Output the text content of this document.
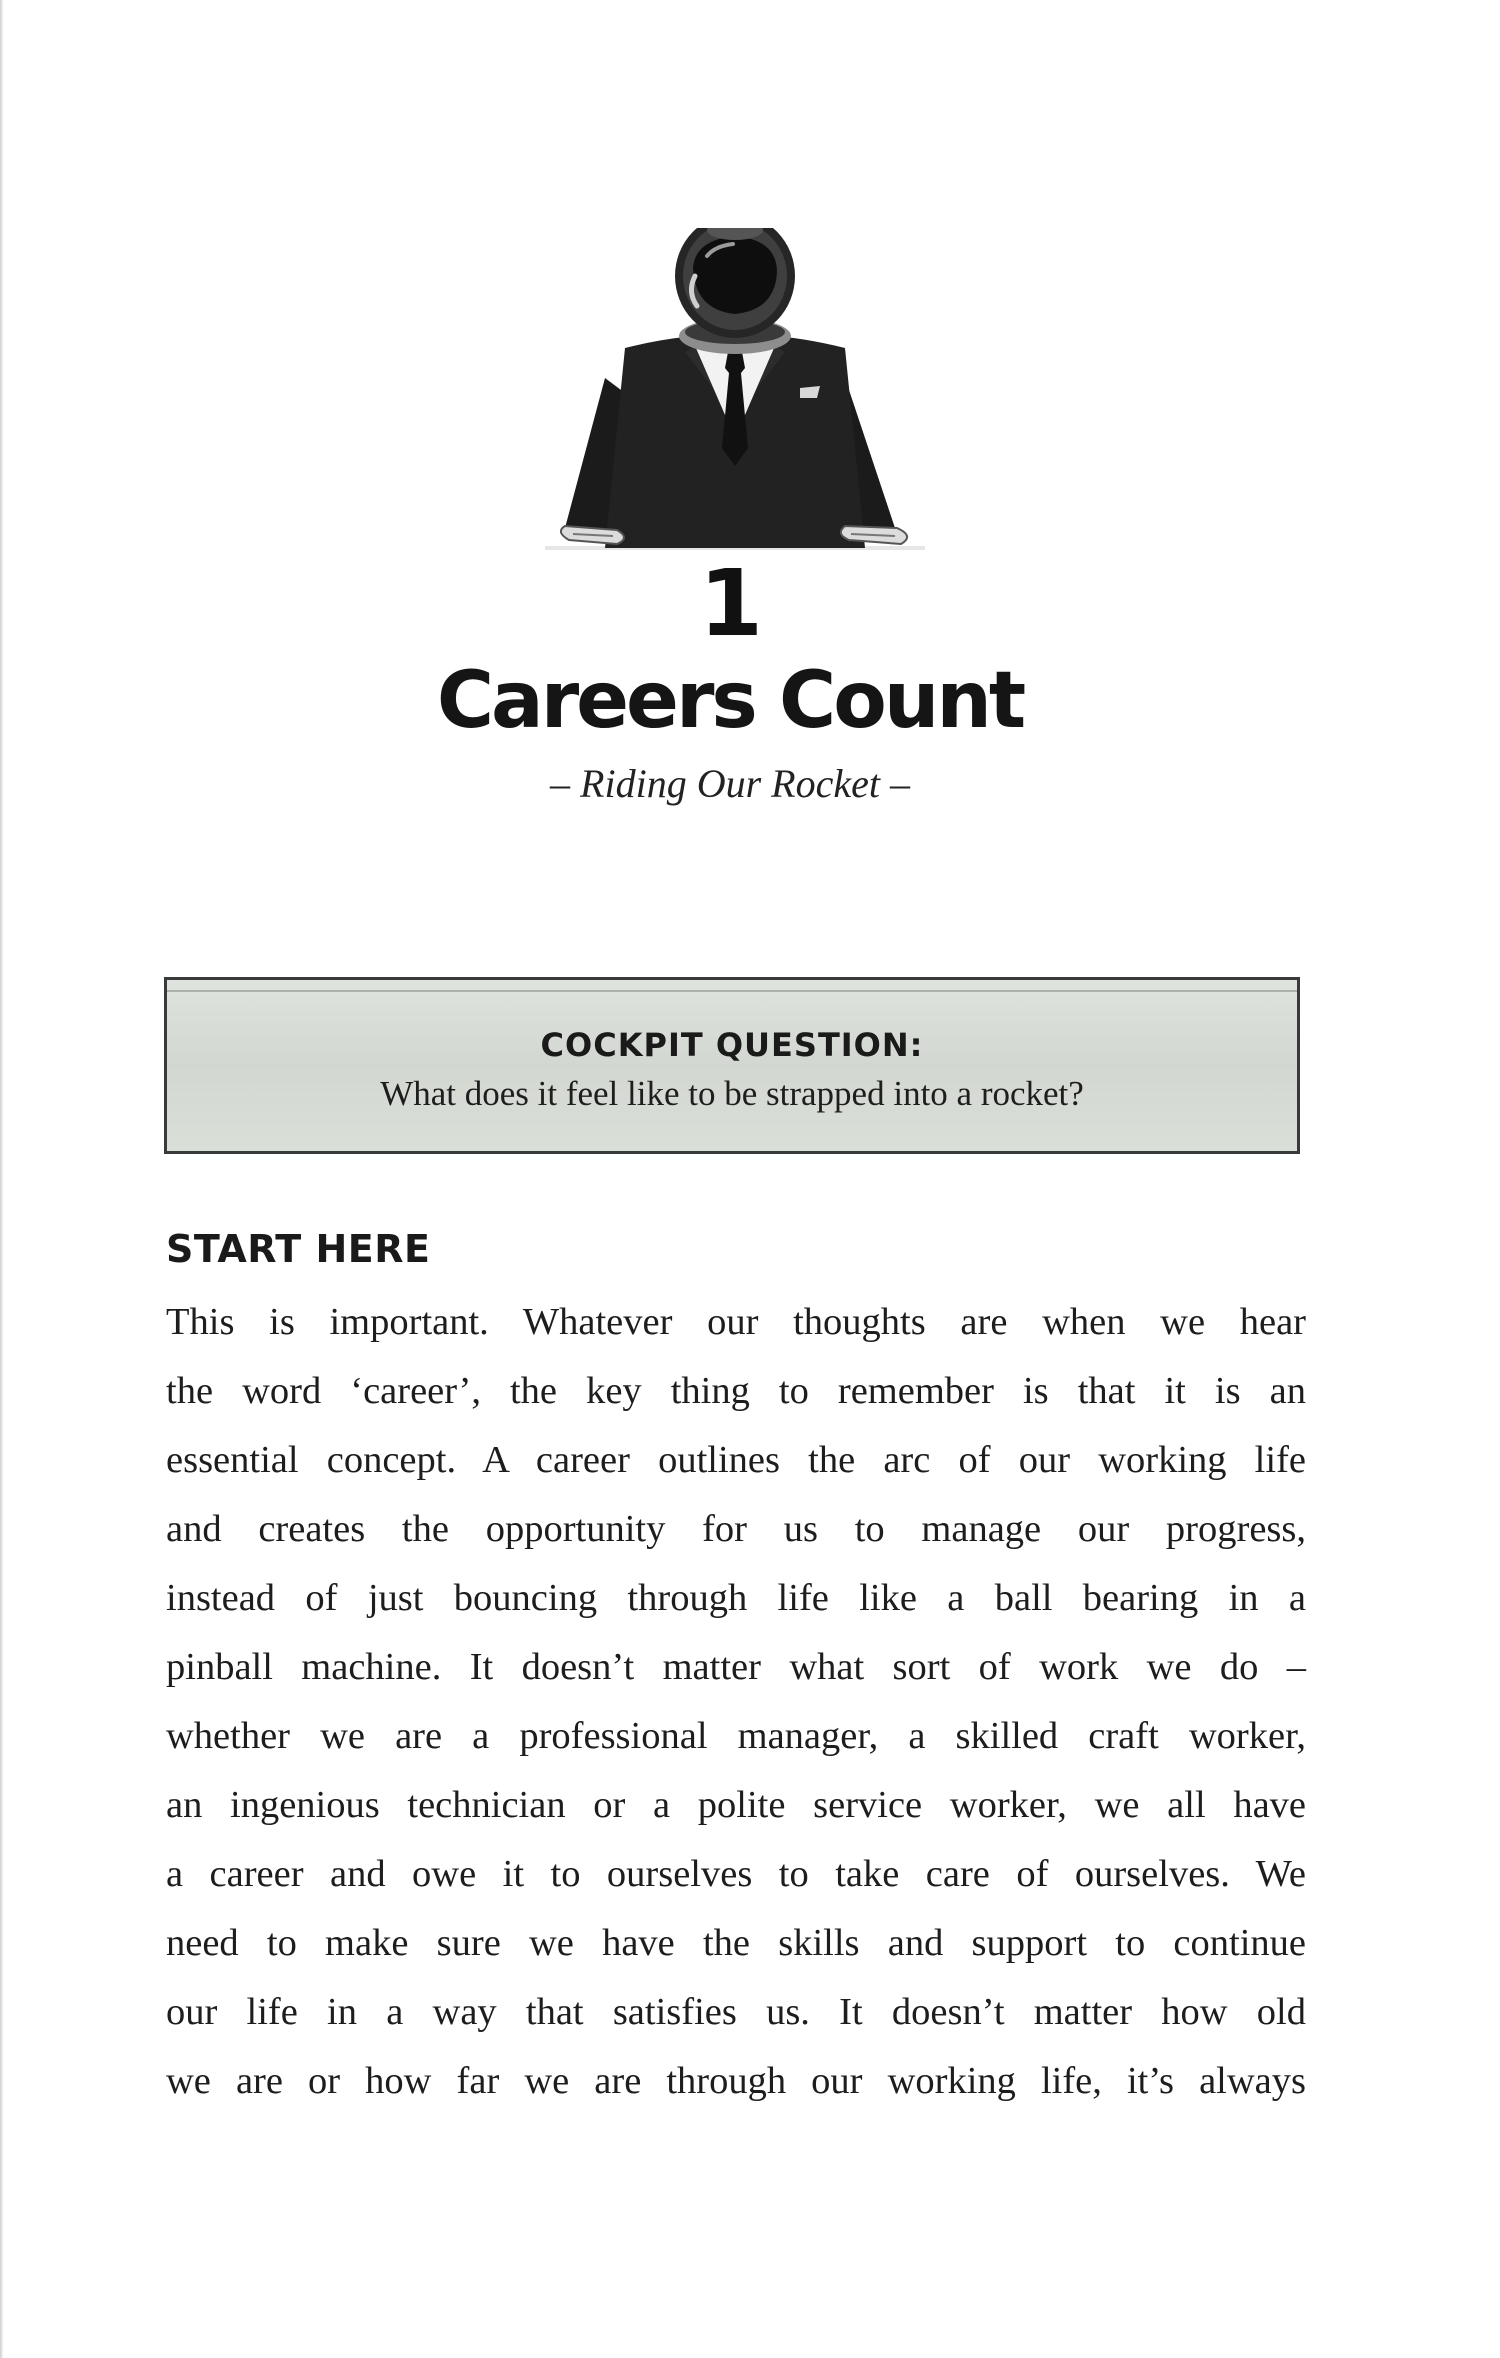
1
Careers Count
– Riding Our Rocket –
COCKPIT QUESTION:
What does it feel like to be strapped into a rocket?
START HERE
This is important. Whatever our thoughts are when we hear
the word ‘career’, the key thing to remember is that it is an
essential concept. A career outlines the arc of our working life
and creates the opportunity for us to manage our progress,
instead of just bouncing through life like a ball bearing in a
pinball machine. It doesn’t matter what sort of work we do –
whether we are a professional manager, a skilled craft worker,
an ingenious technician or a polite service worker, we all have
a career and owe it to ourselves to take care of ourselves. We
need to make sure we have the skills and support to continue
our life in a way that satisfies us. It doesn’t matter how old
we are or how far we are through our working life, it’s always
